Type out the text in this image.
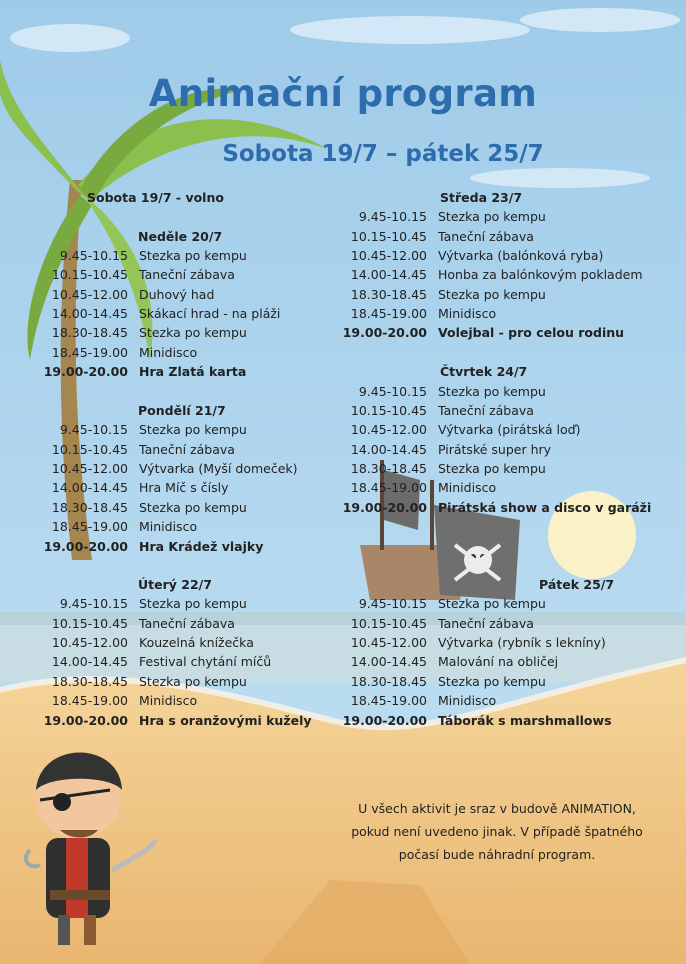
Animační program
Sobota 19/7 – pátek 25/7
Sobota 19/7 - volno
Neděle 20/7
9.45-10.15 Stezka po kempu
10.15-10.45 Taneční zábava
10.45-12.00 Duhový had
14.00-14.45 Skákací hrad - na pláži
18.30-18.45 Stezka po kempu
18.45-19.00 Minidisco
19.00-20.00 Hra Zlatá karta
Pondělí 21/7
9.45-10.15 Stezka po kempu
10.15-10.45 Taneční zábava
10.45-12.00 Výtvarka (Myší domeček)
14.00-14.45 Hra Míč s čísly
18.30-18.45 Stezka po kempu
18.45-19.00 Minidisco
19.00-20.00 Hra Krádež vlajky
Úterý 22/7
9.45-10.15 Stezka po kempu
10.15-10.45 Taneční zábava
10.45-12.00 Kouzelná knížečka
14.00-14.45 Festival chytání míčů
18.30-18.45 Stezka po kempu
18.45-19.00 Minidisco
19.00-20.00 Hra s oranžovými kužely
Středa 23/7
9.45-10.15 Stezka po kempu
10.15-10.45 Taneční zábava
10.45-12.00 Výtvarka (balónková ryba)
14.00-14.45 Honba za balónkovým pokladem
18.30-18.45 Stezka po kempu
18.45-19.00 Minidisco
19.00-20.00 Volejbal - pro celou rodinu
Čtvrtek 24/7
9.45-10.15 Stezka po kempu
10.15-10.45 Taneční zábava
10.45-12.00 Výtvarka (pirátská loď)
14.00-14.45 Pirátské super hry
18.30-18.45 Stezka po kempu
18.45-19.00 Minidisco
19.00-20.00 Pirátská show a disco v garáži
Pátek 25/7
9.45-10.15 Stezka po kempu
10.15-10.45 Taneční zábava
10.45-12.00 Výtvarka (rybník s lekníny)
14.00-14.45 Malování na obličej
18.30-18.45 Stezka po kempu
18.45-19.00 Minidisco
19.00-20.00 Táborák s marshmallows
U všech aktivit je sraz v budově ANIMATION, pokud není uvedeno jinak. V případě špatného počasí bude náhradní program.
